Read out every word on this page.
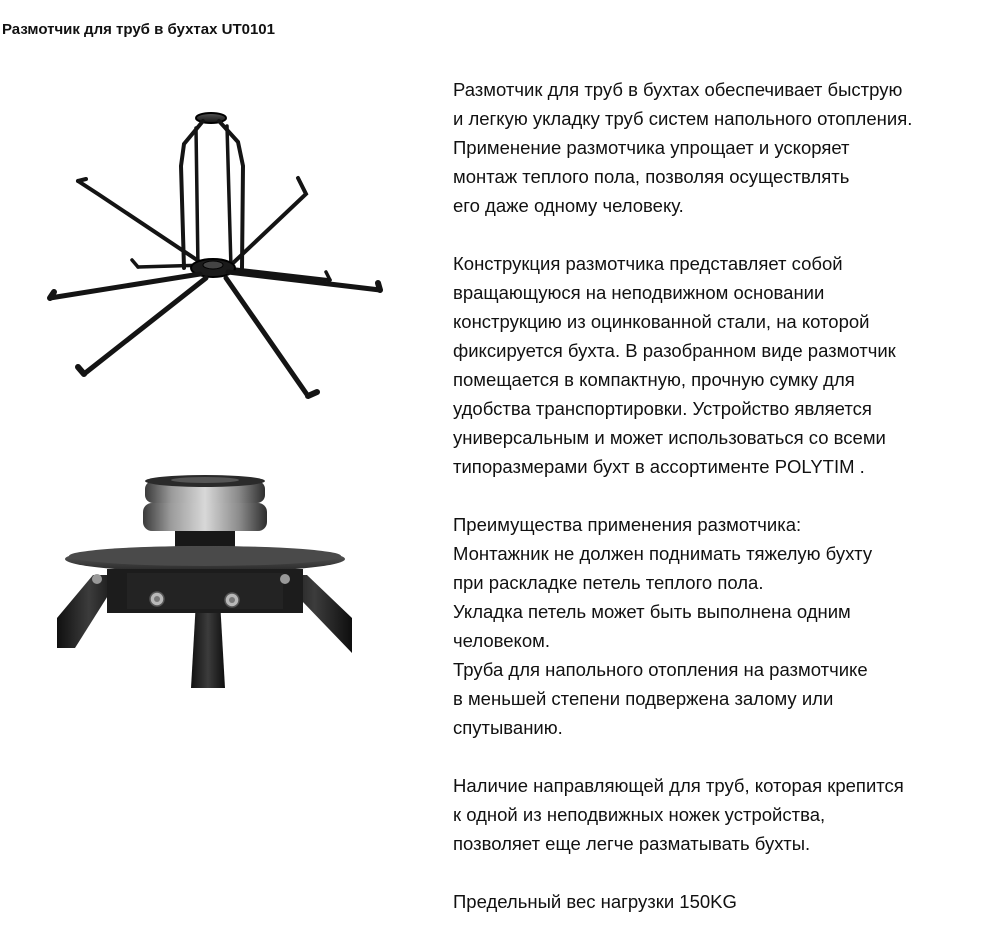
Размотчик для труб в бухтах UT0101

Размотчик для труб в бухтах обеспечивает быструю
и легкую укладку труб систем напольного отопления.
Применение размотчика упрощает и ускоряет
монтаж теплого пола, позволяя осуществлять
его даже одному человеку.

Конструкция размотчика представляет собой
вращающуюся на неподвижном основании
конструкцию из оцинкованной стали, на которой
фиксируется бухта. В разобранном виде размотчик
помещается в компактную, прочную сумку для
удобства транспортировки. Устройство является
универсальным и может использоваться со всеми
типоразмерами бухт в ассортименте POLYTIM .

Преимущества применения размотчика:
Монтажник не должен поднимать тяжелую бухту
при раскладке петель теплого пола.
Укладка петель может быть выполнена одним
человеком.
Труба для напольного отопления на размотчике
в меньшей степени подвержена залому или
спутыванию.

Наличие направляющей для труб, которая крепится
к одной из неподвижных ножек устройства,
позволяет еще легче разматывать бухты.

Предельный вес нагрузки 150KG
